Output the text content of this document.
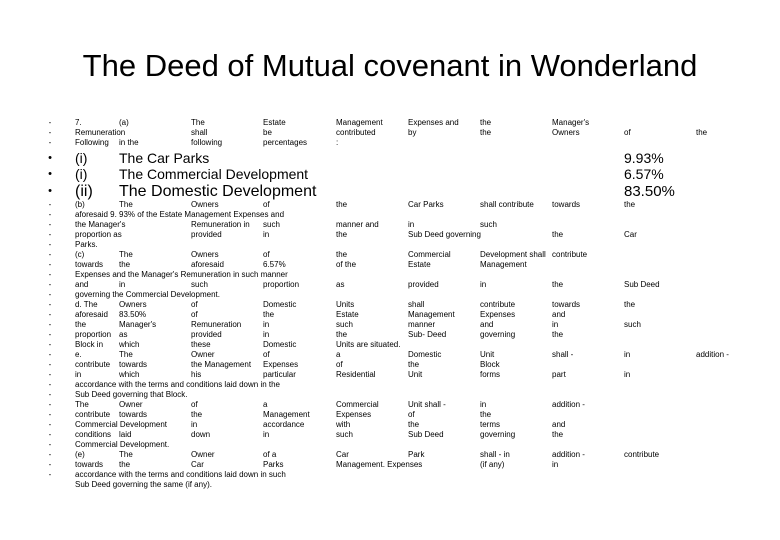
The Deed of Mutual covenant in Wonderland
-
-
-
7.	(a)	The	Estate	Management	Expenses and	the	Manager's
Remuneration	shall	be	contributed	by	the	Owners	of	the
Following in the	following	percentages	:
• (i) The Car Parks	9.93%
• (i) The Commercial Development	6.57%
• (ii) The Domestic Development	83.50%
-
-
-
-
-
-
-
-
-
-
-
-
-
-
-
-
-
-
-
-
-
-
-
-
-
-
-
-
(b)	The	Owners	of	the	Car Parks	shall contribute towards	the
aforesaid 9. 93% of the Estate Management Expenses and
the Manager's	Remuneration in such	manner and	in	such
proportion as	provided	in	the	Sub Deed governing	the	Car
Parks.
(c)	The	Owners	of	the	Commercial	Development shall contribute
towards the	aforesaid	6.57%	of the	Estate	Management
Expenses and the Manager's Remuneration in such manner
and	in	such	proportion	as	provided	in	the	Sub Deed
governing the Commercial Development.
d. The	Owners	of	Domestic	Units	shall	contribute	towards	the
aforesaid 83.50%	of	the	Estate	Management	Expenses	and
the	Manager's	Remuneration	in	such	manner	and	in	such
proportion as	provided	in	the	Sub- Deed	governing	the
Block in which	these	Domestic	Units are situated.
e.	The	Owner	of	a	Domestic	Unit	shall -	in	addition -
contribute towards	the Management Expenses	of	the	Block
in	which	his	particular	Residential	Unit	forms	part	in
accordance with the terms and conditions laid down in the
Sub Deed governing that Block.
The	Owner	of	a	Commercial	Unit shall -	in	addition -
contribute towards	the	Management	Expenses	of	the
Commercial Development	in	accordance	with	the	terms	and
conditions laid	down	in	such	Sub Deed	governing	the
Commercial Development.
(e)	The	Owner	of a	Car	Park	shall - in	addition -	contribute
towards the	Car	Parks	Management. Expenses	(if any)	in
accordance with the terms and conditions laid down in such
Sub Deed governing the same (if any).
